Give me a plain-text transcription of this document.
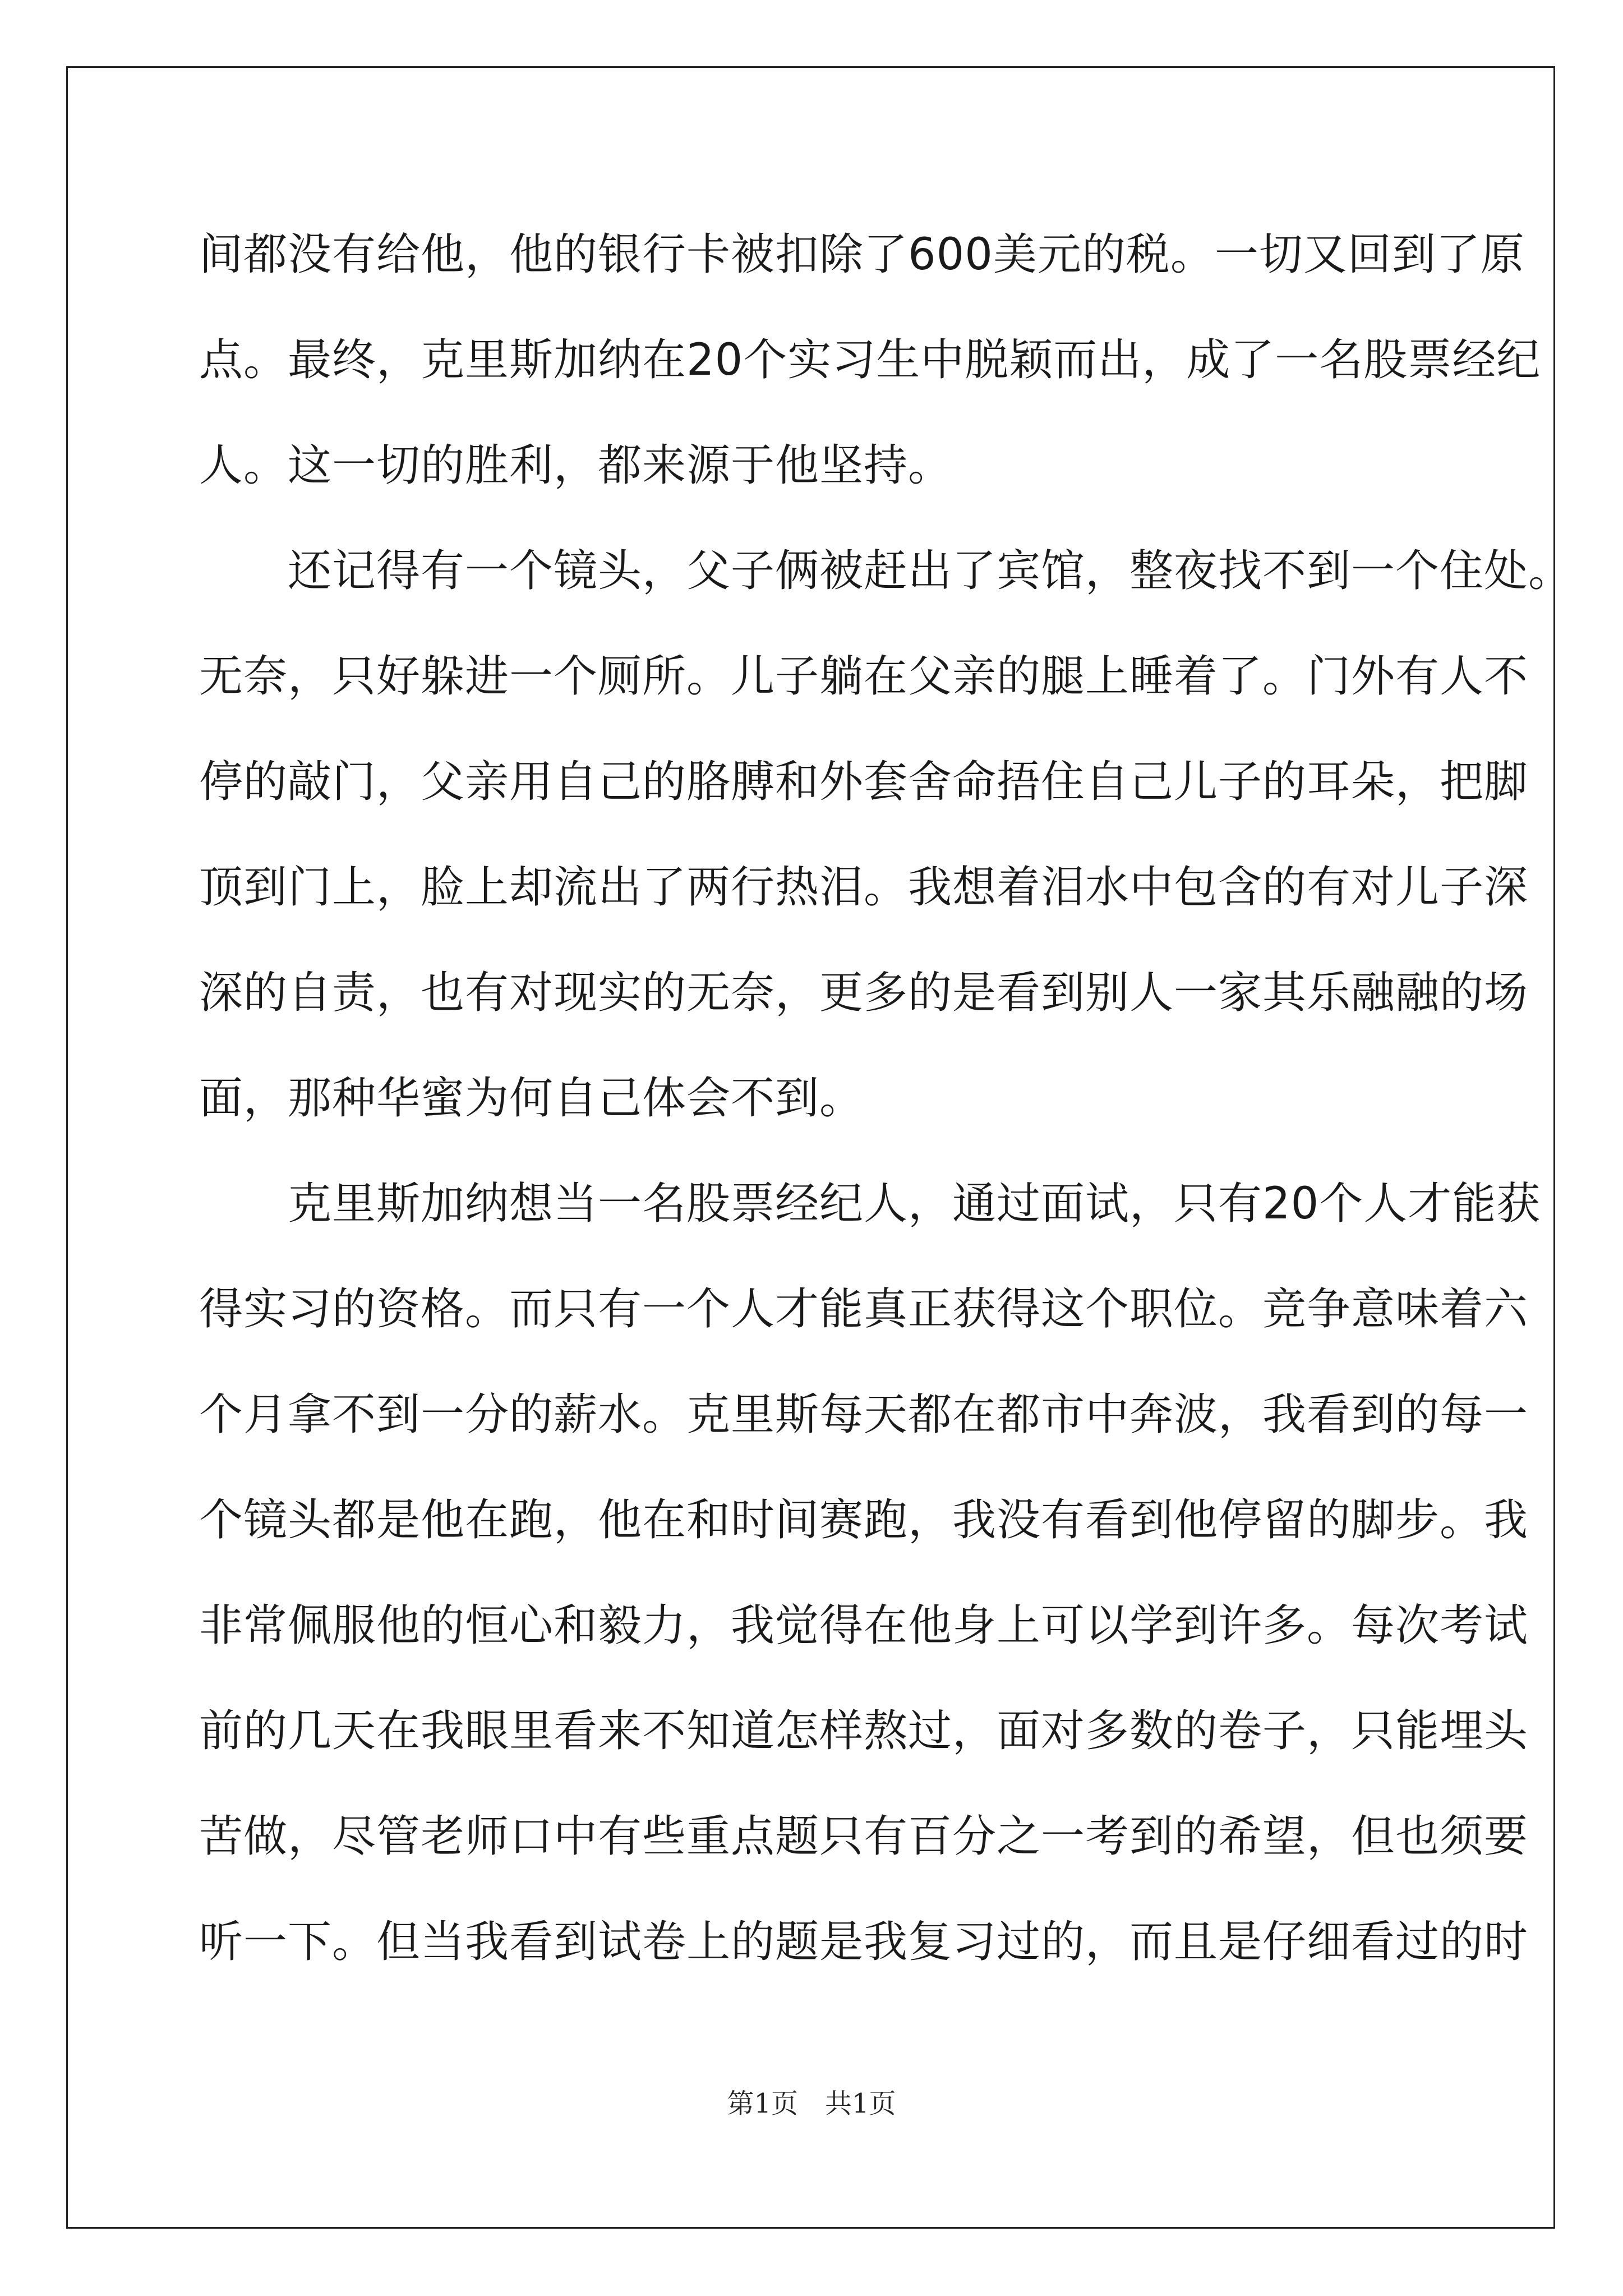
间都没有给他，他的银行卡被扣除了600美元的税。一切又回到了原
点。最终，克里斯加纳在20个实习生中脱颖而出，成了一名股票经纪
人。这一切的胜利，都来源于他坚持。
　　还记得有一个镜头，父子俩被赶出了宾馆，整夜找不到一个住处。
无奈，只好躲进一个厕所。儿子躺在父亲的腿上睡着了。门外有人不
停的敲门，父亲用自己的胳膊和外套舍命捂住自己儿子的耳朵，把脚
顶到门上，脸上却流出了两行热泪。我想着泪水中包含的有对儿子深
深的自责，也有对现实的无奈，更多的是看到别人一家其乐融融的场
面，那种华蜜为何自己体会不到。
　　克里斯加纳想当一名股票经纪人，通过面试，只有20个人才能获
得实习的资格。而只有一个人才能真正获得这个职位。竞争意味着六
个月拿不到一分的薪水。克里斯每天都在都市中奔波，我看到的每一
个镜头都是他在跑，他在和时间赛跑，我没有看到他停留的脚步。我
非常佩服他的恒心和毅力，我觉得在他身上可以学到许多。每次考试
前的几天在我眼里看来不知道怎样熬过，面对多数的卷子，只能埋头
苦做，尽管老师口中有些重点题只有百分之一考到的希望，但也须要
听一下。但当我看到试卷上的题是我复习过的，而且是仔细看过的时
第1页　共1页
